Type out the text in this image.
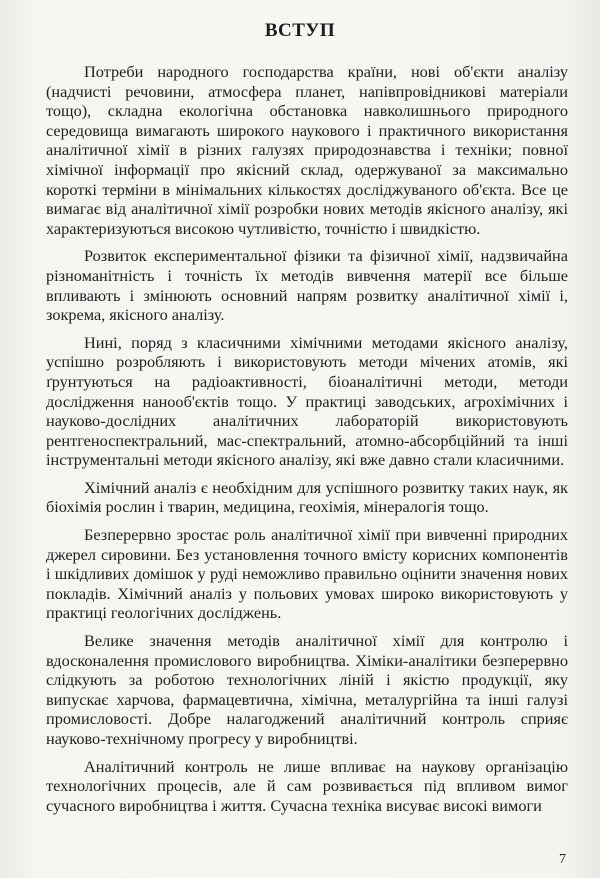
ВСТУП

Потреби народного господарства країни, нові об'єкти аналізу (надчисті речовини, атмосфера планет, напівпровідникові матеріали тощо), складна екологічна обстановка навколишнього природного середовища вимагають широкого наукового і практичного використання аналітичної хімії в різних галузях природознавства і техніки; повної хімічної інформації про якісний склад, одержуваної за максимально короткі терміни в мінімальних кількостях досліджуваного об'єкта. Все це вимагає від аналітичної хімії розробки нових методів якісного аналізу, які характеризуються високою чутливістю, точністю і швидкістю.

Розвиток експериментальної фізики та фізичної хімії, надзвичайна різноманітність і точність їх методів вивчення матерії все більше впливають і змінюють основний напрям розвитку аналітичної хімії і, зокрема, якісного аналізу.

Нині, поряд з класичними хімічними методами якісного аналізу, успішно розробляють і використовують методи мічених атомів, які ґрунтуються на радіоактивності, біоаналітичні методи, методи дослідження нанооб'єктів тощо. У практиці заводських, агрохімічних і науково-дослідних аналітичних лабораторій використовують рентгеноспектральний, мас-спектральний, атомно-абсорбційний та інші інструментальні методи якісного аналізу, які вже давно стали класичними.

Хімічний аналіз є необхідним для успішного розвитку таких наук, як біохімія рослин і тварин, медицина, геохімія, мінералогія тощо.

Безперервно зростає роль аналітичної хімії при вивченні природних джерел сировини. Без установлення точного вмісту корисних компонентів і шкідливих домішок у руді неможливо правильно оцінити значення нових покладів. Хімічний аналіз у польових умовах широко використовують у практиці геологічних досліджень.

Велике значення методів аналітичної хімії для контролю і вдосконалення промислового виробництва. Хіміки-аналітики безперервно слідкують за роботою технологічних ліній і якістю продукції, яку випускає харчова, фармацевтична, хімічна, металургійна та інші галузі промисловості. Добре налагоджений аналітичний контроль сприяє науково-технічному прогресу у виробництві.

Аналітичний контроль не лише впливає на наукову організацію технологічних процесів, але й сам розвивається під впливом вимог сучасного виробництва і життя. Сучасна техніка висуває високі вимоги

7
